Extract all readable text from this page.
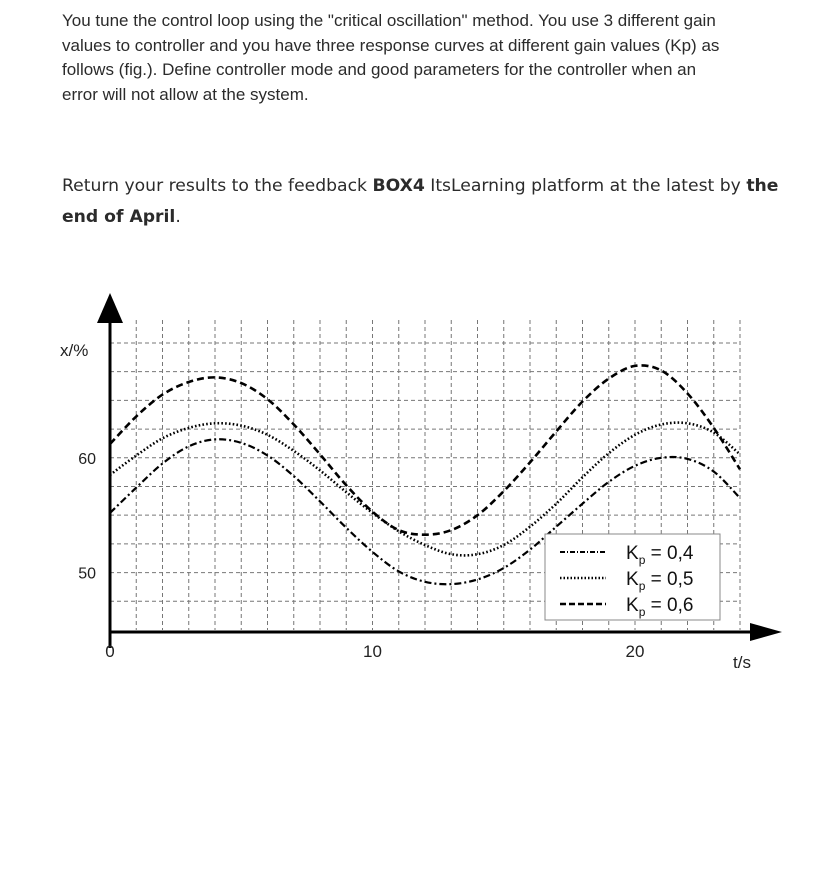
You tune the control loop using the "critical oscillation" method. You use 3 different gain
values to controller and you have three response curves at different gain values (Kp) as
follows (fig.). Define controller mode and good parameters for the controller when an
error will not allow at the system.
Return your results to the feedback BOX4 ItsLearning platform at the latest by the
end of April.
x/%
t/s
50
60
0	10	20
$K_p = 0,4$
$K_p = 0,5$
$K_p = 0,6$
